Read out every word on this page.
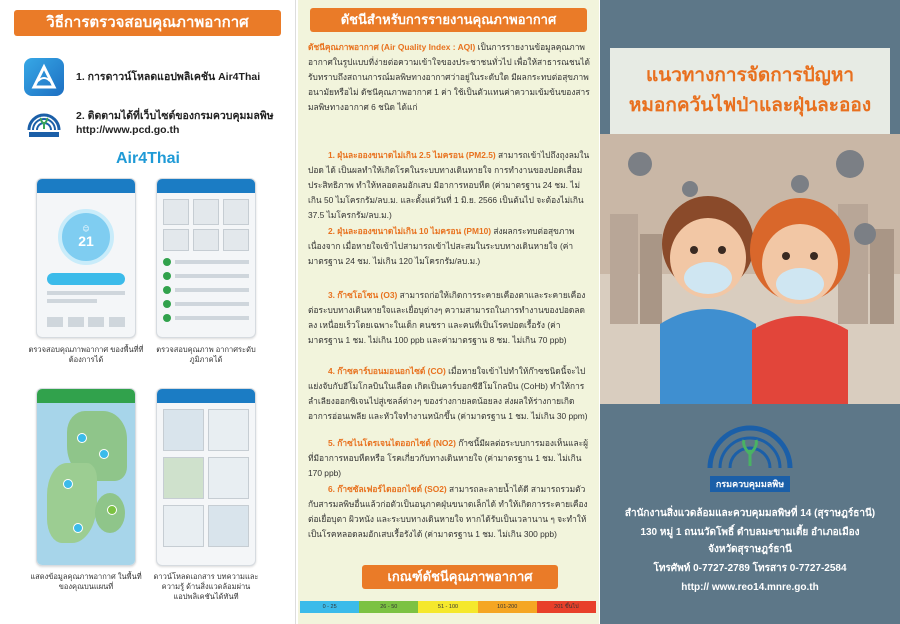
วิธีการตรวจสอบคุณภาพอากาศ
1. การดาวน์โหลดแอปพลิเคชัน Air4Thai
2. ติดตามได้ที่เว็บไซต์ของกรมควบคุมมลพิษ
http://www.pcd.go.th
Air4Thai
☺
21
ตรวจสอบคุณภาพอากาศ ของพื้นที่ที่ต้องการได้
ตรวจสอบคุณภาพ อากาศระดับภูมิภาคได้
แสดงข้อมูลคุณภาพอากาศ ในพื้นที่ของคุณบนแผนที่
ดาวน์โหลดเอกสาร บทความและความรู้ ด้านสิ่งแวดล้อมผ่านแอปพลิเคชันได้ทันที
ดัชนีสำหรับการรายงานคุณภาพอากาศ
ดัชนีคุณภาพอากาศ (Air Quality Index : AQI) เป็นการรายงานข้อมูลคุณภาพอากาศในรูปแบบที่ง่ายต่อความเข้าใจของประชาชนทั่วไป เพื่อให้สาธารณชนได้รับทราบถึงสถานการณ์มลพิษทางอากาศว่าอยู่ในระดับใด มีผลกระทบต่อสุขภาพอนามัยหรือไม่ ดัชนีคุณภาพอากาศ 1 ค่า ใช้เป็นตัวแทนค่าความเข้มข้นของสารมลพิษทางอากาศ 6 ชนิด ได้แก่
1. ฝุ่นละอองขนาดไม่เกิน 2.5 ไมครอน (PM2.5) สามารถเข้าไปถึงถุงลมในปอด ได้ เป็นผลทำให้เกิดโรคในระบบทางเดินหายใจ การทำงานของปอดเสื่อมประสิทธิภาพ ทำให้หลอดลมอักเสบ มีอาการหอบหืด (ค่ามาตรฐาน 24 ชม. ไม่เกิน 50 ไมโครกรัม/ลบ.ม. และตั้งแต่วันที่ 1 มิ.ย. 2566 เป็นต้นไป จะต้องไม่เกิน 37.5 ไมโครกรัม/ลบ.ม.)
2. ฝุ่นละอองขนาดไม่เกิน 10 ไมครอน (PM10) ส่งผลกระทบต่อสุขภาพเนื่องจาก เมื่อหายใจเข้าไปสามารถเข้าไปสะสมในระบบทางเดินหายใจ (ค่ามาตรฐาน 24 ชม. ไม่เกิน 120 ไมโครกรัม/ลบ.ม.)
3. ก๊าซโอโซน (O3) สามารถก่อให้เกิดการระคายเคืองตาและระคายเคืองต่อระบบทางเดินหายใจและเยื่อบุต่างๆ ความสามารถในการทำงานของปอดลดลง เหนื่อยเร็วโดยเฉพาะในเด็ก คนชรา และคนที่เป็นโรคปอดเรื้อรัง (ค่ามาตรฐาน 1 ชม. ไม่เกิน 100 ppb และค่ามาตรฐาน 8 ชม. ไม่เกิน 70 ppb)
4. ก๊าซคาร์บอนมอนอกไซด์ (CO) เมื่อหายใจเข้าไปทำให้ก๊าซชนิดนี้จะไปแย่งจับกับฮีโมโกลบินในเลือด เกิดเป็นคาร์บอกซีฮีโมโกลบิน (CoHb) ทำให้การลำเลียงออกซิเจนไปสู่เซลล์ต่างๆ ของร่างกายลดน้อยลง ส่งผลให้ร่างกายเกิดอาการอ่อนเพลีย และหัวใจทำงานหนักขึ้น (ค่ามาตรฐาน 1 ชม. ไม่เกิน 30 ppm)
5. ก๊าซไนโตรเจนไดออกไซด์ (NO2) ก๊าซนี้มีผลต่อระบบการมองเห็นและผู้ที่มีอาการหอบหืดหรือ โรคเกี่ยวกับทางเดินหายใจ (ค่ามาตรฐาน 1 ชม. ไม่เกิน 170 ppb)
6. ก๊าซซัลเฟอร์ไดออกไซด์ (SO2) สามารถละลายน้ำได้ดี สามารถรวมตัวกับสารมลพิษอื่นแล้วก่อตัวเป็นอนุภาคฝุ่นขนาดเล็กได้ ทำให้เกิดการระคายเคืองต่อเยื่อบุตา ผิวหนัง และระบบทางเดินหายใจ หากได้รับเป็นเวลานาน ๆ จะทำให้เป็นโรคหลอดลมอักเสบเรื้อรังได้ (ค่ามาตรฐาน 1 ชม. ไม่เกิน 300 ppb)
เกณฑ์ดัชนีคุณภาพอากาศ
0 - 25	26 - 50	51 - 100	101-200	201 ขึ้นไป
แนวทางการจัดการปัญหา
หมอกควันไฟป่าและฝุ่นละออง
กรมควบคุมมลพิษ
สำนักงานสิ่งแวดล้อมและควบคุมมลพิษที่ 14 (สุราษฎร์ธานี)
130 หมู่ 1 ถนนวัดโพธิ์ ตำบลมะขามเตี้ย อำเภอเมือง
จังหวัดสุราษฎร์ธานี
โทรศัพท์ 0-7727-2789 โทรสาร 0-7727-2584
http:// www.reo14.mnre.go.th
